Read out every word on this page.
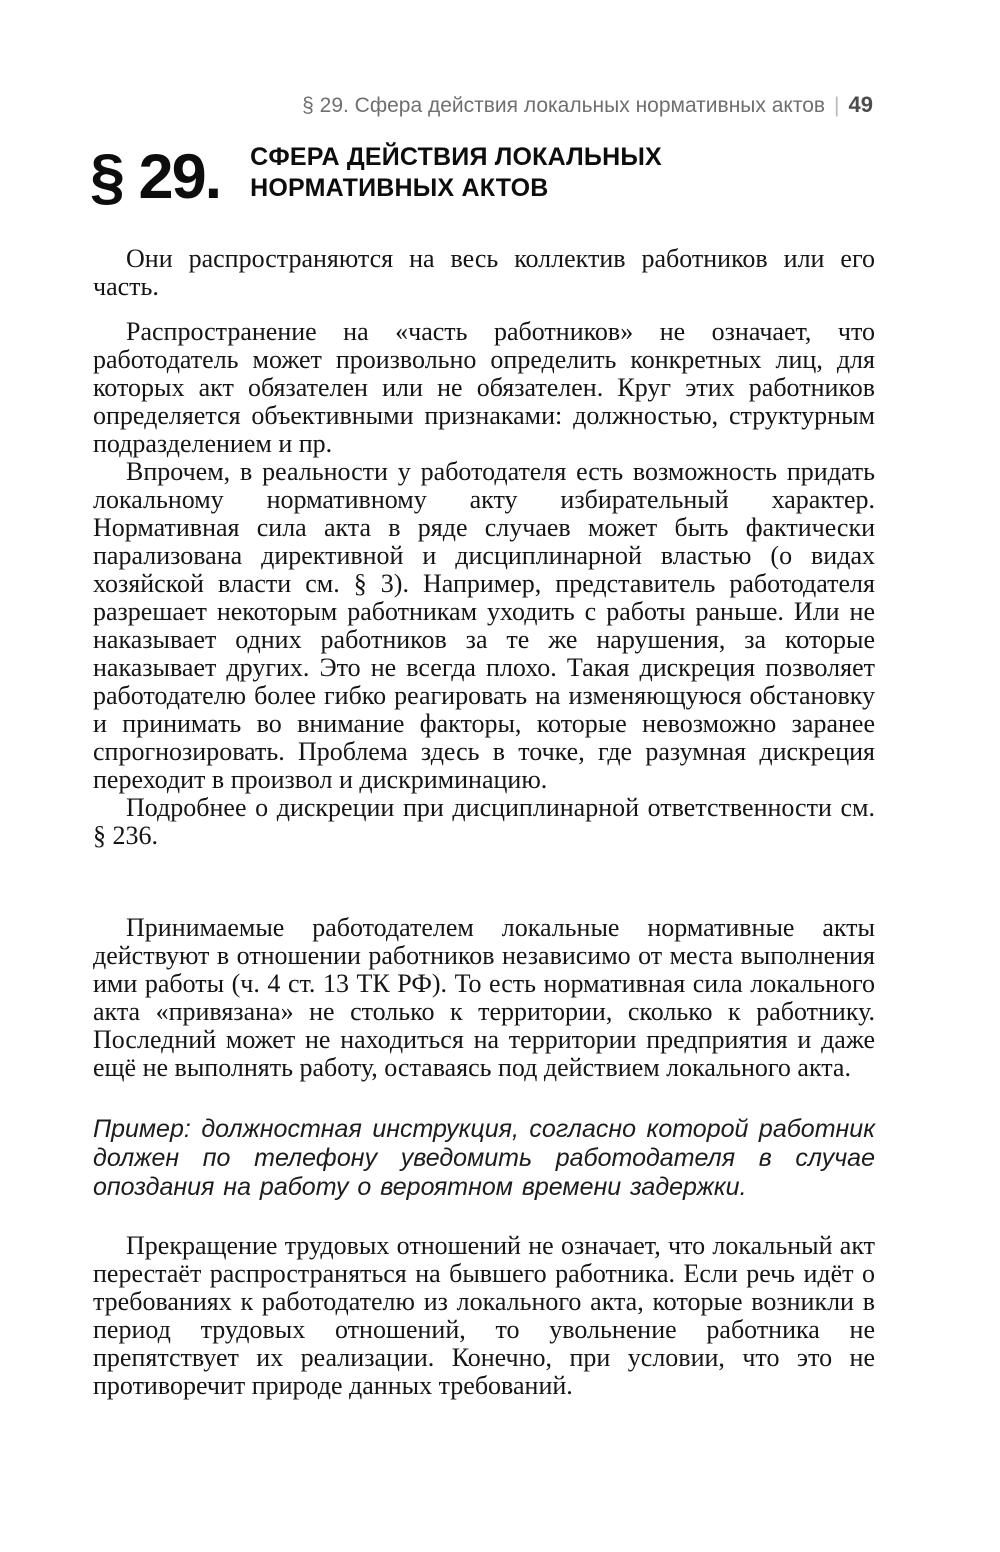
§ 29. Сфера действия локальных нормативных актов | 49
§ 29. СФЕРА ДЕЙСТВИЯ ЛОКАЛЬНЫХ НОРМАТИВНЫХ АКТОВ

Они распространяются на весь коллектив работников или его часть.

Распространение на «часть работников» не означает, что работодатель может произвольно определить конкретных лиц, для которых акт обязателен или не обязателен. Круг этих работников определяется объективными признаками: должностью, структурным подразделением и пр.

Впрочем, в реальности у работодателя есть возможность придать локальному нормативному акту избирательный характер. Нормативная сила акта в ряде случаев может быть фактически парализована директивной и дисциплинарной властью (о видах хозяйской власти см. § 3). Например, представитель работодателя разрешает некоторым работникам уходить с работы раньше. Или не наказывает одних работников за те же нарушения, за которые наказывает других. Это не всегда плохо. Такая дискреция позволяет работодателю более гибко реагировать на изменяющуюся обстановку и принимать во внимание факторы, которые невозможно заранее спрогнозировать. Проблема здесь в точке, где разумная дискреция переходит в произвол и дискриминацию.

Подробнее о дискреции при дисциплинарной ответственности см. § 236.

Принимаемые работодателем локальные нормативные акты действуют в отношении работников независимо от места выполнения ими работы (ч. 4 ст. 13 ТК РФ). То есть нормативная сила локального акта «привязана» не столько к территории, сколько к работнику. Последний может не находиться на территории предприятия и даже ещё не выполнять работу, оставаясь под действием локального акта.

Пример: должностная инструкция, согласно которой работник должен по телефону уведомить работодателя в случае опоздания на работу о вероятном времени задержки.

Прекращение трудовых отношений не означает, что локальный акт перестаёт распространяться на бывшего работника. Если речь идёт о требованиях к работодателю из локального акта, которые возникли в период трудовых отношений, то увольнение работника не препятствует их реализации. Конечно, при условии, что это не противоречит природе данных требований.
